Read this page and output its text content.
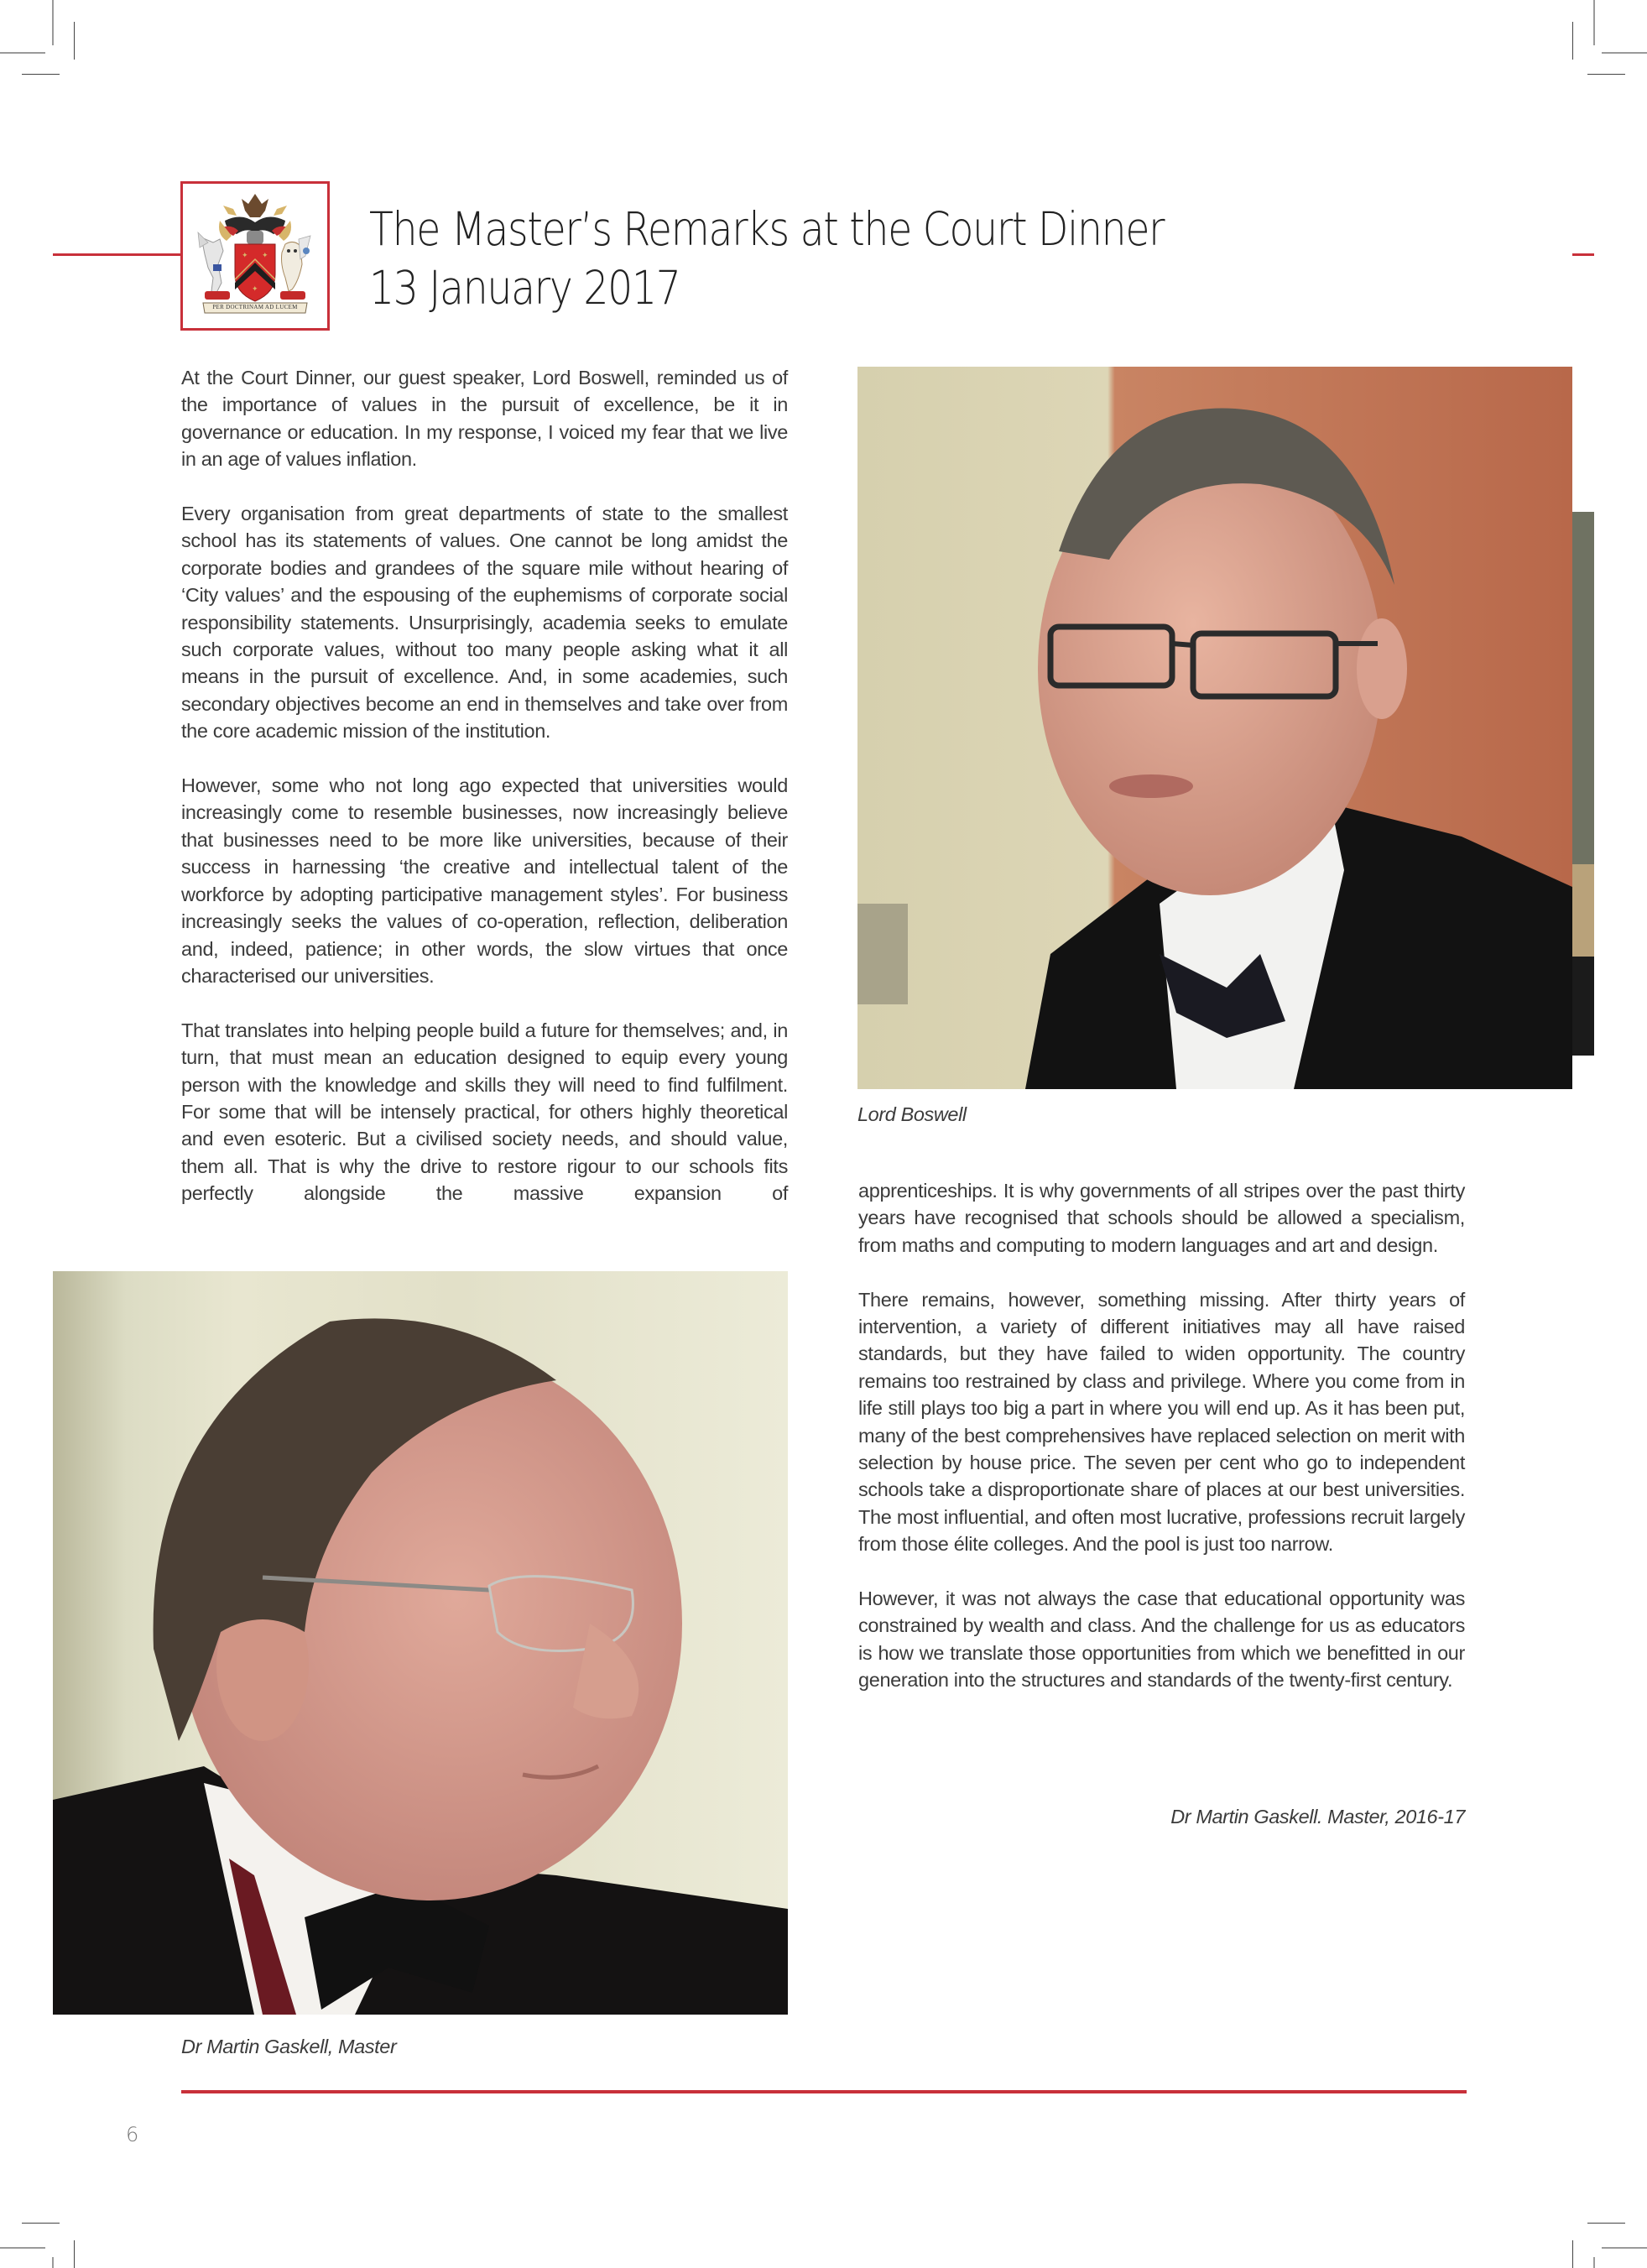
✦ ✦
✦
PER DOCTRINAM AD LUCEM
The Master’s Remarks at the Court Dinner
13 January 2017

At the Court Dinner, our guest speaker, Lord Boswell, reminded us of the importance of values in the pursuit of excellence, be it in governance or education. In my response, I voiced my fear that we live in an age of values inflation.

Every organisation from great departments of state to the smallest school has its statements of values. One cannot be long amidst the corporate bodies and grandees of the square mile without hearing of ‘City values’ and the espousing of the euphemisms of corporate social responsibility statements. Unsurprisingly, academia seeks to emulate such corporate values, without too many people asking what it all means in the pursuit of excellence. And, in some academies, such secondary objectives become an end in themselves and take over from the core academic mission of the institution.

However, some who not long ago expected that universities would increasingly come to resemble businesses, now increasingly believe that businesses need to be more like universities, because of their success in harnessing ‘the creative and intellectual talent of the workforce by adopting participative management styles’. For business increasingly seeks the values of co-operation, reflection, deliberation and, indeed, patience; in other words, the slow virtues that once characterised our universities.

That translates into helping people build a future for themselves; and, in turn, that must mean an education designed to equip every young person with the knowledge and skills they will need to find fulfilment. For some that will be intensely practical, for others highly theoretical and even esoteric. But a civilised society needs, and should value, them all. That is why the drive to restore rigour to our schools fits perfectly alongside the massive expansion of

Lord Boswell

apprenticeships. It is why governments of all stripes over the past thirty years have recognised that schools should be allowed a specialism, from maths and computing to modern languages and art and design.

There remains, however, something missing. After thirty years of intervention, a variety of different initiatives may all have raised standards, but they have failed to widen opportunity. The country remains too restrained by class and privilege. Where you come from in life still plays too big a part in where you will end up. As it has been put, many of the best comprehensives have replaced selection on merit with selection by house price. The seven per cent who go to independent schools take a disproportionate share of places at our best universities. The most influential, and often most lucrative, professions recruit largely from those élite colleges. And the pool is just too narrow.

However, it was not always the case that educational opportunity was constrained by wealth and class. And the challenge for us as educators is how we translate those opportunities from which we benefitted in our generation into the structures and standards of the twenty-first century.

Dr Martin Gaskell. Master, 2016-17
Dr Martin Gaskell, Master
6
